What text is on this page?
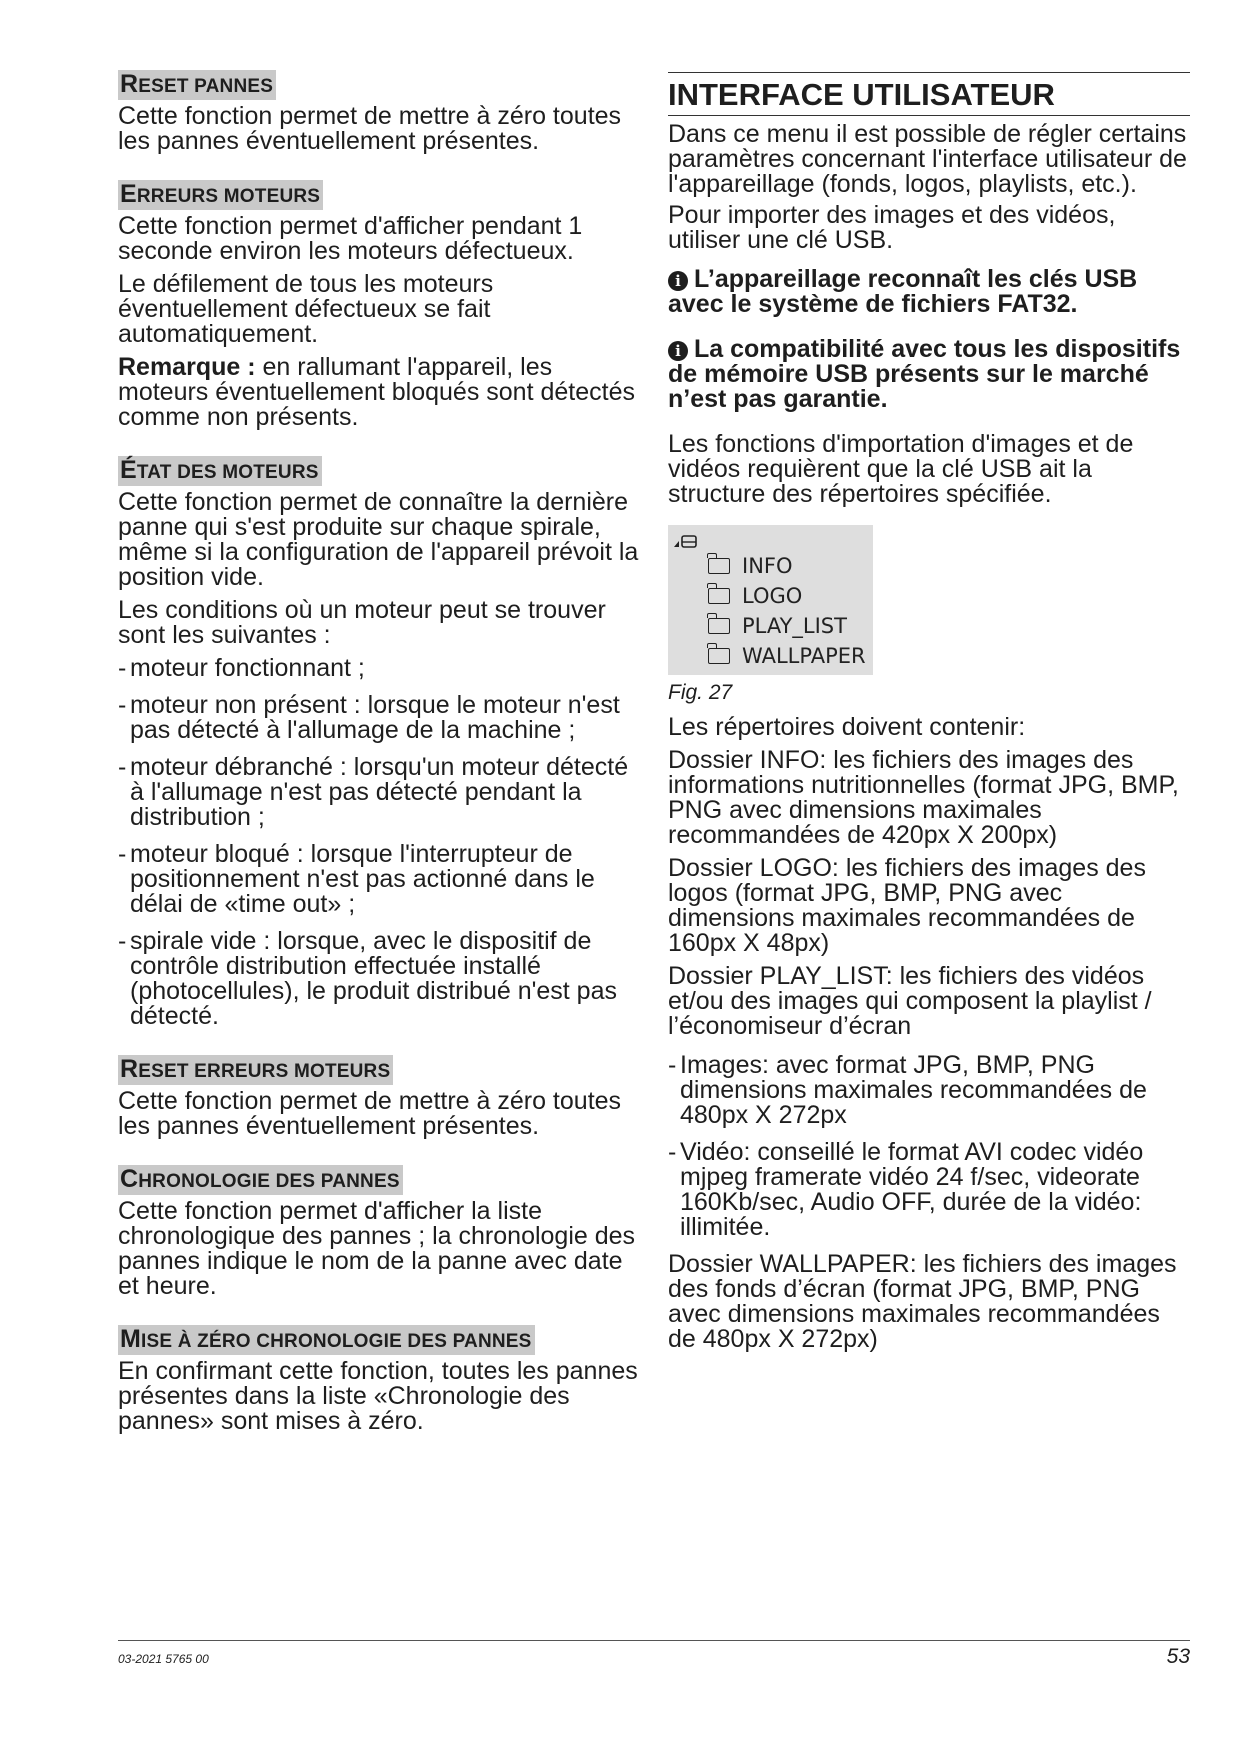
RESET PANNES

Cette fonction permet de mettre à zéro toutes les pannes éventuellement présentes.

ERREURS MOTEURS

Cette fonction permet d'afficher pendant 1 seconde environ les moteurs défectueux.

Le défilement de tous les moteurs éventuellement défectueux se fait automatiquement.

Remarque : en rallumant l'appareil, les moteurs éventuellement bloqués sont détectés comme non présents.

ÉTAT DES MOTEURS

Cette fonction permet de connaître la dernière panne qui s'est produite sur chaque spirale, même si la configuration de l'appareil prévoit la position vide.

Les conditions où un moteur peut se trouver sont les suivantes :

- moteur fonctionnant ;
- moteur non présent : lorsque le moteur n'est pas détecté à l'allumage de la machine ;
- moteur débranché : lorsqu'un moteur détecté à l'allumage n'est pas détecté pendant la distribution ;
- moteur bloqué : lorsque l'interrupteur de positionnement n'est pas actionné dans le délai de «time out» ;
- spirale vide : lorsque, avec le dispositif de contrôle distribution effectuée installé (photocellules), le produit distribué n'est pas détecté.
RESET ERREURS MOTEURS

Cette fonction permet de mettre à zéro toutes les pannes éventuellement présentes.

CHRONOLOGIE DES PANNES

Cette fonction permet d'afficher la liste chronologique des pannes ; la chronologie des pannes indique le nom de la panne avec date et heure.

MISE À ZÉRO CHRONOLOGIE DES PANNES

En confirmant cette fonction, toutes les pannes présentes dans la liste «Chronologie des pannes» sont mises à zéro.

INTERFACE UTILISATEUR

Dans ce menu il est possible de régler certains paramètres concernant l'interface utilisateur de l'appareillage (fonds, logos, playlists, etc.).

Pour importer des images et des vidéos, utiliser une clé USB.

i L’appareillage reconnaît les clés USB avec le système de fichiers FAT32.
i La compatibilité avec tous les dispositifs de mémoire USB présents sur le marché n’est pas garantie.

Les fonctions d'importation d'images et de vidéos requièrent que la clé USB ait la structure des répertoires spécifiée.

INFO
LOGO
PLAY_LIST
WALLPAPER
Fig. 27

Les répertoires doivent contenir:

Dossier INFO: les fichiers des images des informations nutritionnelles (format JPG, BMP, PNG avec dimensions maximales recommandées de 420px X 200px)

Dossier LOGO: les fichiers des images des logos (format JPG, BMP, PNG avec dimensions maximales recommandées de 160px X 48px)

Dossier PLAY_LIST: les fichiers des vidéos et/ou des images qui composent la playlist / l’économiseur d’écran

- Images: avec format JPG, BMP, PNG dimensions maximales recommandées de 480px X 272px
- Vidéo: conseillé le format AVI codec vidéo mjpeg framerate vidéo 24 f/sec, videorate 160Kb/sec, Audio OFF, durée de la vidéo: illimitée.

Dossier WALLPAPER: les fichiers des images des fonds d’écran (format JPG, BMP, PNG avec dimensions maximales recommandées de 480px X 272px)

03-2021 5765 00	53
